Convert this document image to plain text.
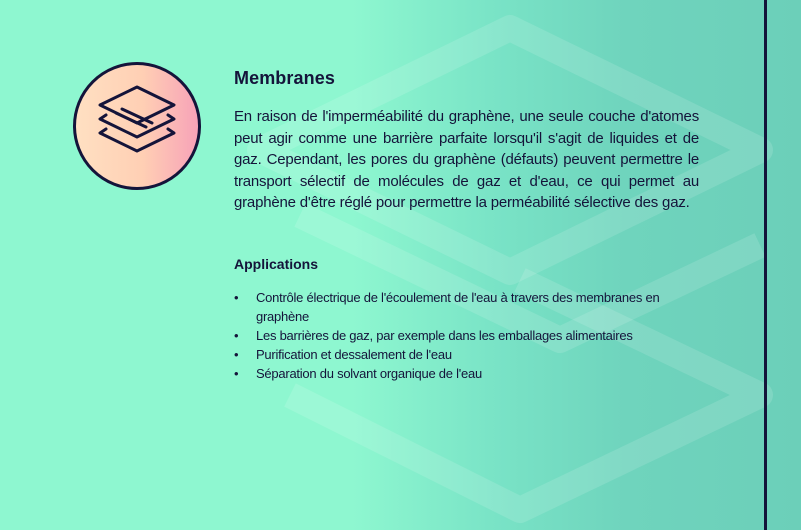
Membranes

En raison de l'imperméabilité du graphène, une seule couche d'atomes peut agir comme une barrière parfaite lorsqu'il s'agit de liquides et de gaz. Cependant, les pores du graphène (défauts) peuvent permettre le transport sélectif de molécules de gaz et d'eau, ce qui permet au graphène d'être réglé pour permettre la perméabilité sélective des gaz.

Applications
• Contrôle électrique de l'écoulement de l'eau à travers des membranes en graphène
• Les barrières de gaz, par exemple dans les emballages alimentaires
• Purification et dessalement de l'eau
• Séparation du solvant organique de l'eau
